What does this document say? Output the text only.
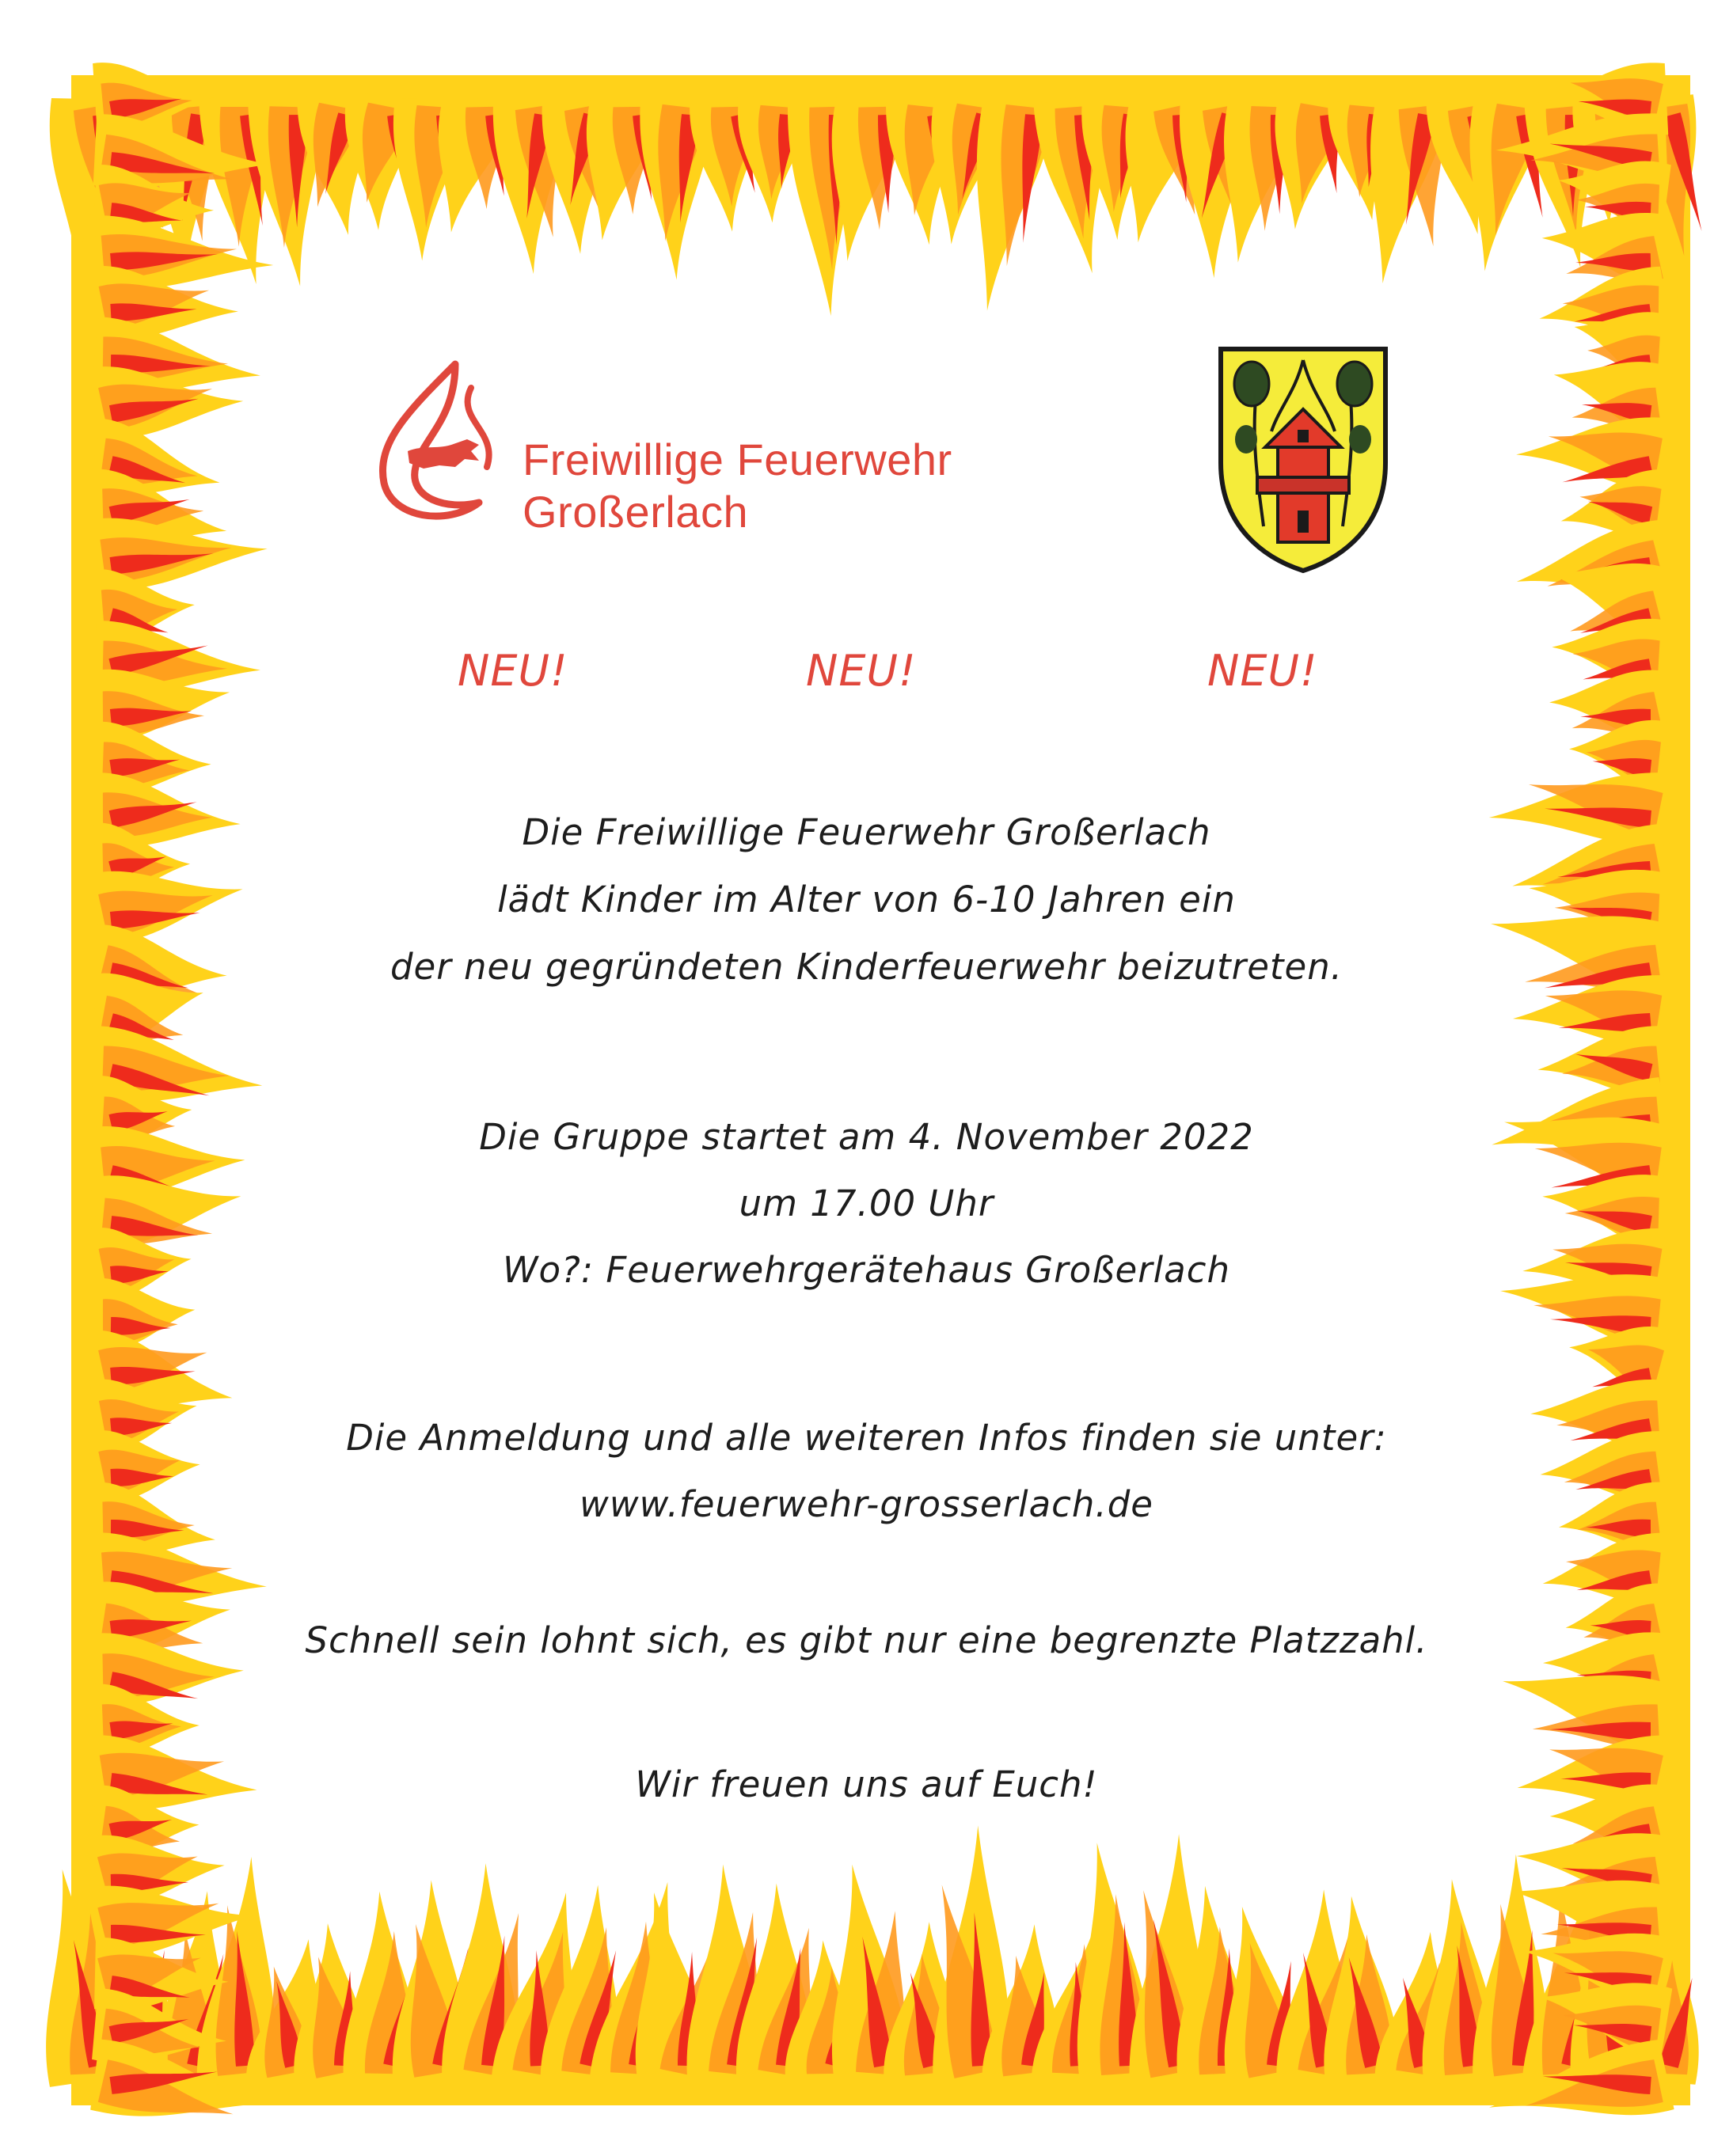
Freiwillige Feuerwehr
Großerlach
NEU!	NEU!	NEU!
Die Freiwillige Feuerwehr Großerlach
lädt Kinder im Alter von 6-10 Jahren ein
der neu gegründeten Kinderfeuerwehr beizutreten.
Die Gruppe startet am 4. November 2022
um 17.00 Uhr
Wo?: Feuerwehrgerätehaus Großerlach
Die Anmeldung und alle weiteren Infos finden sie unter:
www.feuerwehr-grosserlach.de
Schnell sein lohnt sich, es gibt nur eine begrenzte Platzzahl.
Wir freuen uns auf Euch!
